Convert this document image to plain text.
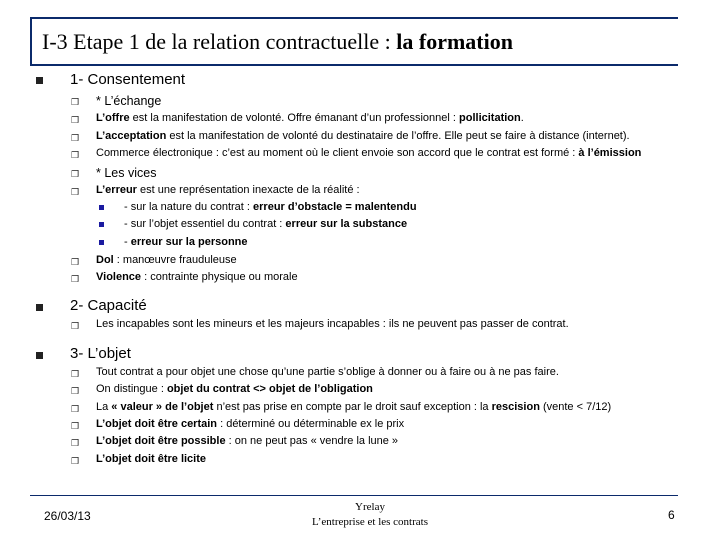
I-3 Etape 1 de la relation contractuelle : la formation
1- Consentement
❒ * L’échange
❒ L’offre est la manifestation de volonté. Offre émanant d’un professionnel : pollicitation.
❒ L’acceptation est la manifestation de volonté du destinataire de l’offre. Elle peut se faire à distance (internet).
❒ Commerce électronique : c’est au moment où le client envoie son accord que le contrat est formé : à l’émission
❒ * Les vices
❒ L’erreur est une représentation inexacte de la réalité :
- sur la nature du contrat : erreur d’obstacle = malentendu
- sur l’objet essentiel du contrat : erreur sur la substance
- erreur sur la personne
❒ Dol : manœuvre frauduleuse
❒ Violence : contrainte physique ou morale
2- Capacité
❒ Les incapables sont les mineurs et les majeurs incapables : ils ne peuvent pas passer de contrat.
3- L’objet
❒ Tout contrat a pour objet une chose qu’une partie s’oblige à donner ou à faire ou à ne pas faire.
❒ On distingue : objet du contrat <> objet de l’obligation
❒ La « valeur » de l’objet n’est pas prise en compte par le droit sauf exception : la rescision (vente < 7/12)
❒ L’objet doit être certain : déterminé ou déterminable ex le prix
❒ L’objet doit être possible : on ne peut pas « vendre la lune »
❒ L’objet doit être licite
26/03/13
Yrelay
L’entreprise et les contrats	6
